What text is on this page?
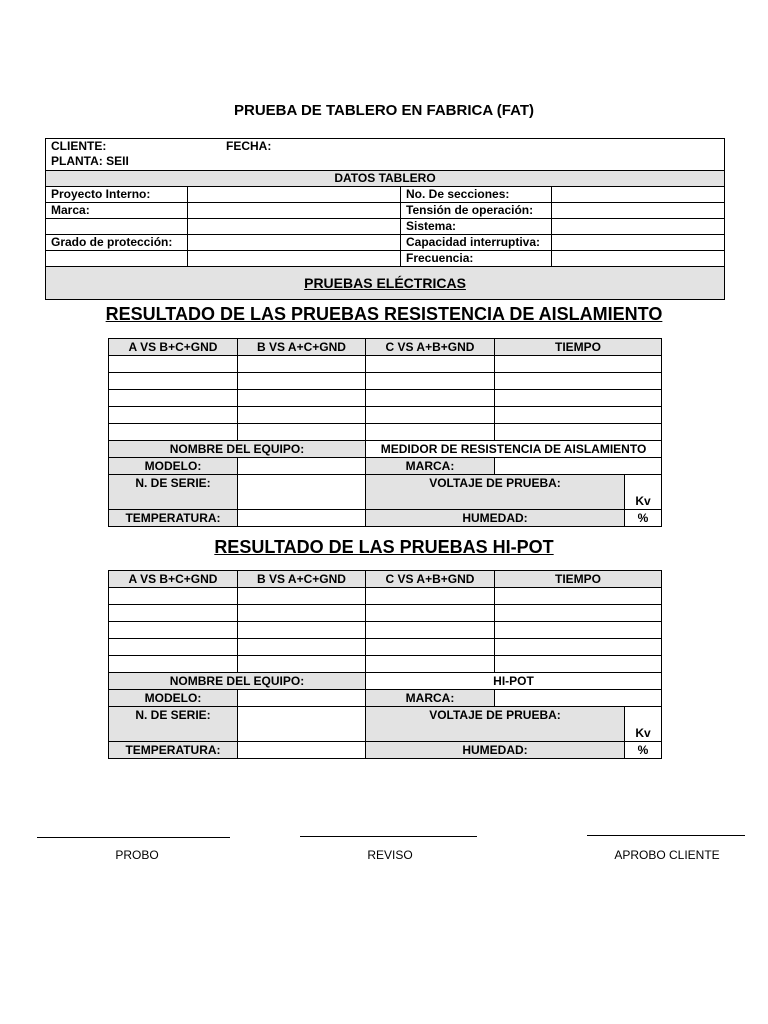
PRUEBA DE TABLERO EN FABRICA (FAT)
CLIENTE: FECHA:
PLANTA: SEII			

DATOS TABLERO			
Proyecto Interno:		No. De secciones:	
Marca:		Tensión de operación:	
		Sistema:	
Grado de protección:		Capacidad interruptiva:	
		Frecuencia:	
PRUEBAS ELÉCTRICAS			
RESULTADO DE LAS PRUEBAS RESISTENCIA DE AISLAMIENTO
A VS B+C+GND	B VS A+C+GND	C VS A+B+GND	TIEMPO	

NOMBRE DEL EQUIPO:		MEDIDOR DE RESISTENCIA DE AISLAMIENTO		
MODELO:		MARCA:		
N. DE SERIE:		VOLTAJE DE PRUEBA:		Kv
TEMPERATURA:		HUMEDAD:		%
RESULTADO DE LAS PRUEBAS HI-POT
A VS B+C+GND	B VS A+C+GND	C VS A+B+GND	TIEMPO	

NOMBRE DEL EQUIPO:		HI-POT		
MODELO:		MARCA:		
N. DE SERIE:		VOLTAJE DE PRUEBA:		Kv
TEMPERATURA:		HUMEDAD:		%
PROBO	REVISO	APROBO CLIENTE
